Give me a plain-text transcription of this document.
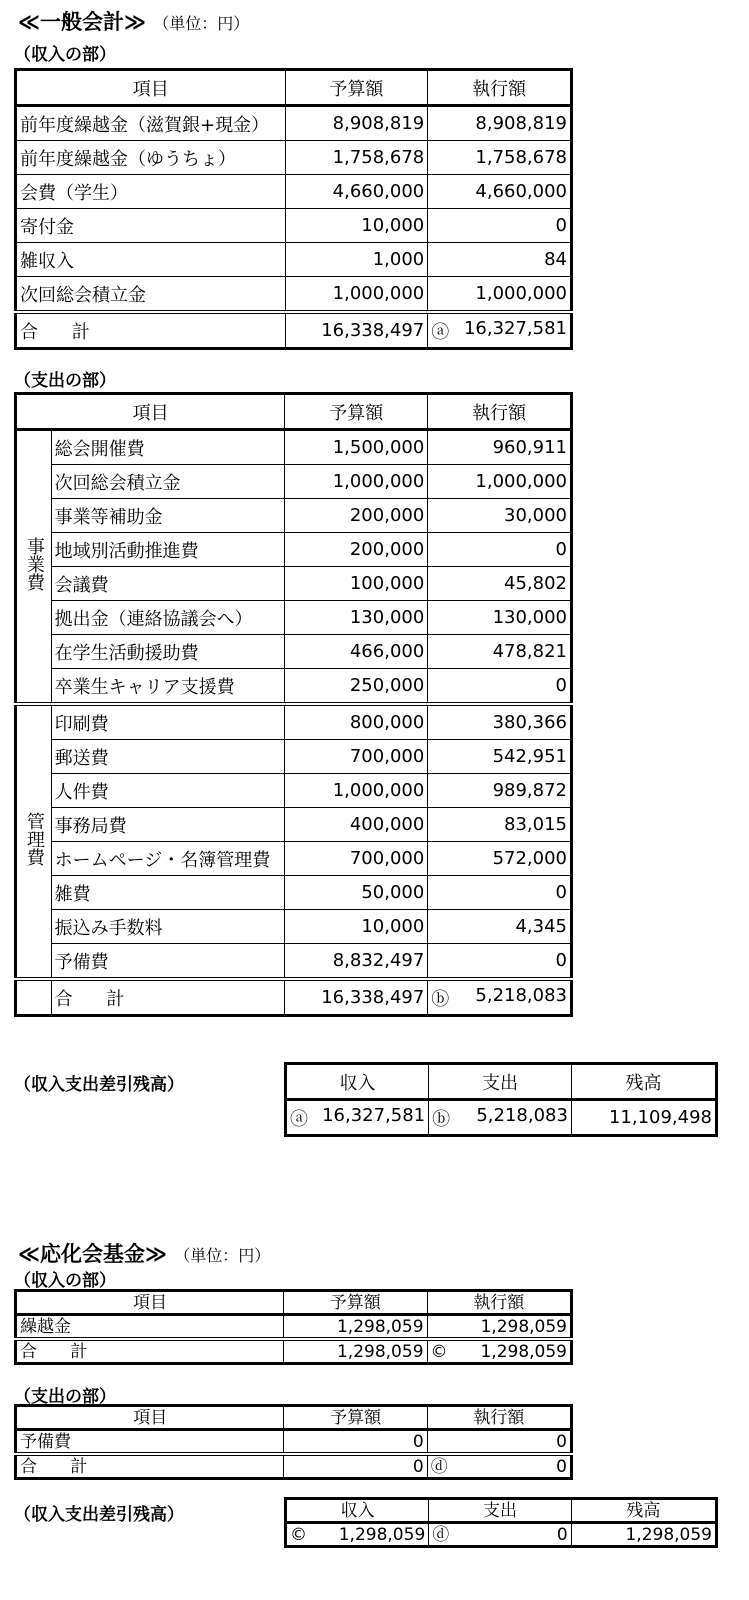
≪一般会計≫ （単位：円）
（収入の部）
項目	予算額	執行額
前年度繰越金（滋賀銀+現金）	8,908,819	8,908,819
前年度繰越金（ゆうちょ）	1,758,678	1,758,678
会費（学生）	4,660,000	4,660,000
寄付金	10,000	0
雑収入	1,000	84
次回総会積立金	1,000,000	1,000,000
合 計	16,338,497	ⓐ 16,327,581
（支出の部）
項目		予算額	執行額
事業費	総会開催費	1,500,000	960,911
	次回総会積立金	1,000,000	1,000,000
	事業等補助金	200,000	30,000
	地域別活動推進費	200,000	0
	会議費	100,000	45,802
	拠出金（連絡協議会へ）	130,000	130,000
	在学生活動援助費	466,000	478,821
	卒業生キャリア支援費	250,000	0
管理費	印刷費	800,000	380,366
	郵送費	700,000	542,951
	人件費	1,000,000	989,872
	事務局費	400,000	83,015
	ホームページ・名簿管理費	700,000	572,000
	雑費	50,000	0
	振込み手数料	10,000	4,345
	予備費	8,832,497	0
	合 計	16,338,497	ⓑ 5,218,083
（収入支出差引残高）	収入	支出	残高

ⓐ 16,327,581	ⓑ 5,218,083	11,109,498
≪応化会基金≫ （単位：円）
（収入の部）
項目	予算額	執行額
繰越金	1,298,059	1,298,059
合 計	1,298,059	© 1,298,059
（支出の部）
項目	予算額	執行額
予備費	0	0
合 計	0	ⓓ 0
（収入支出差引残高）	収入	支出	残高

© 1,298,059	ⓓ 0	1,298,059
